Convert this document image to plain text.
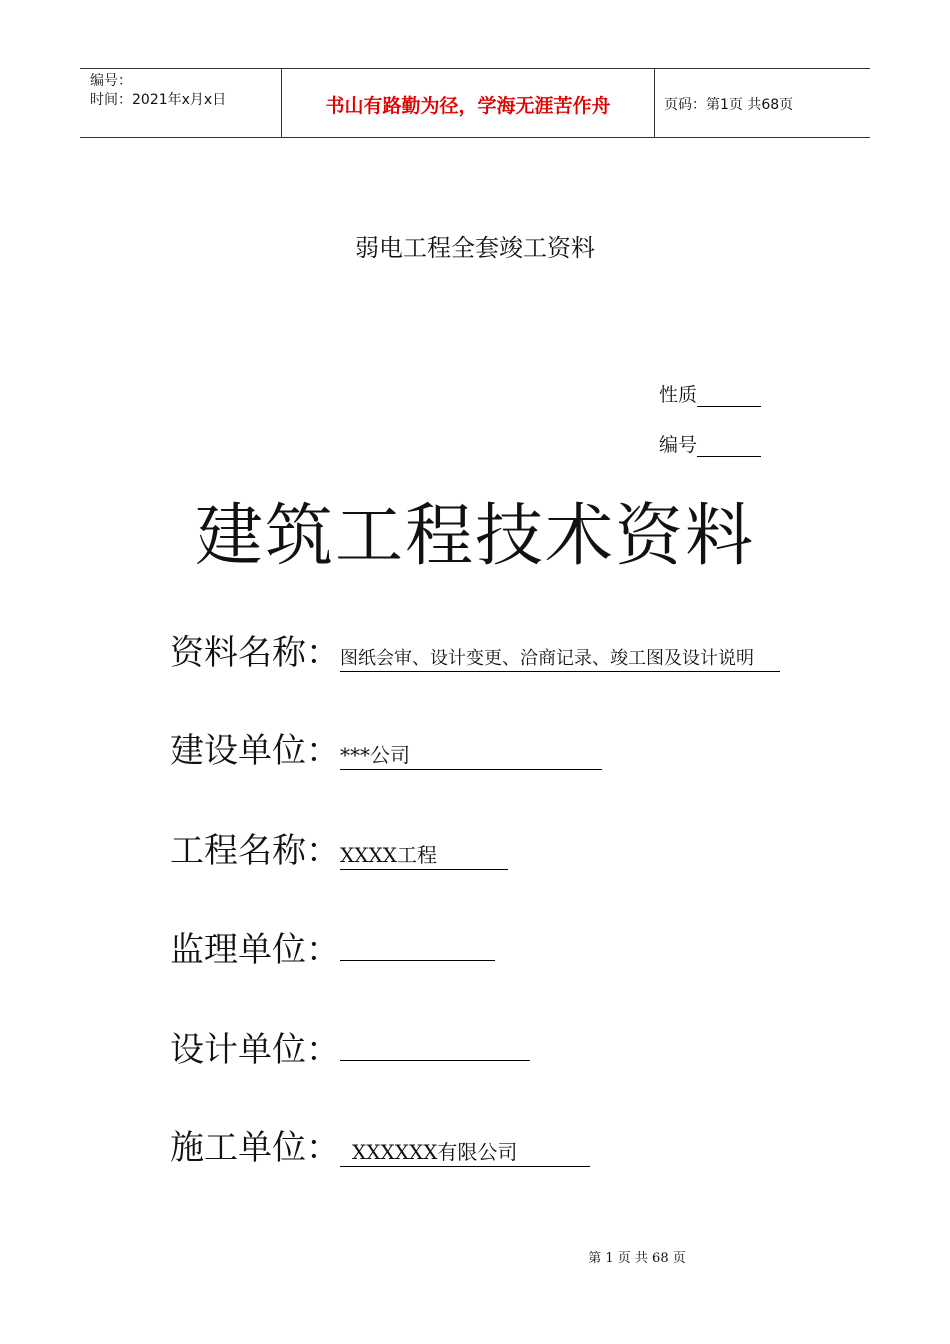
编号：
时间：2021年x月x日	书山有路勤为径，学海无涯苦作舟	页码：第1页 共68页
弱电工程全套竣工资料
性质
编号
建筑工程技术资料
资料名称：图纸会审、设计变更、洽商记录、竣工图及设计说明
建设单位：***公司
工程名称：XXXX工程
监理单位：
设计单位：
施工单位： XXXXXX有限公司
第 1 页 共 68 页
